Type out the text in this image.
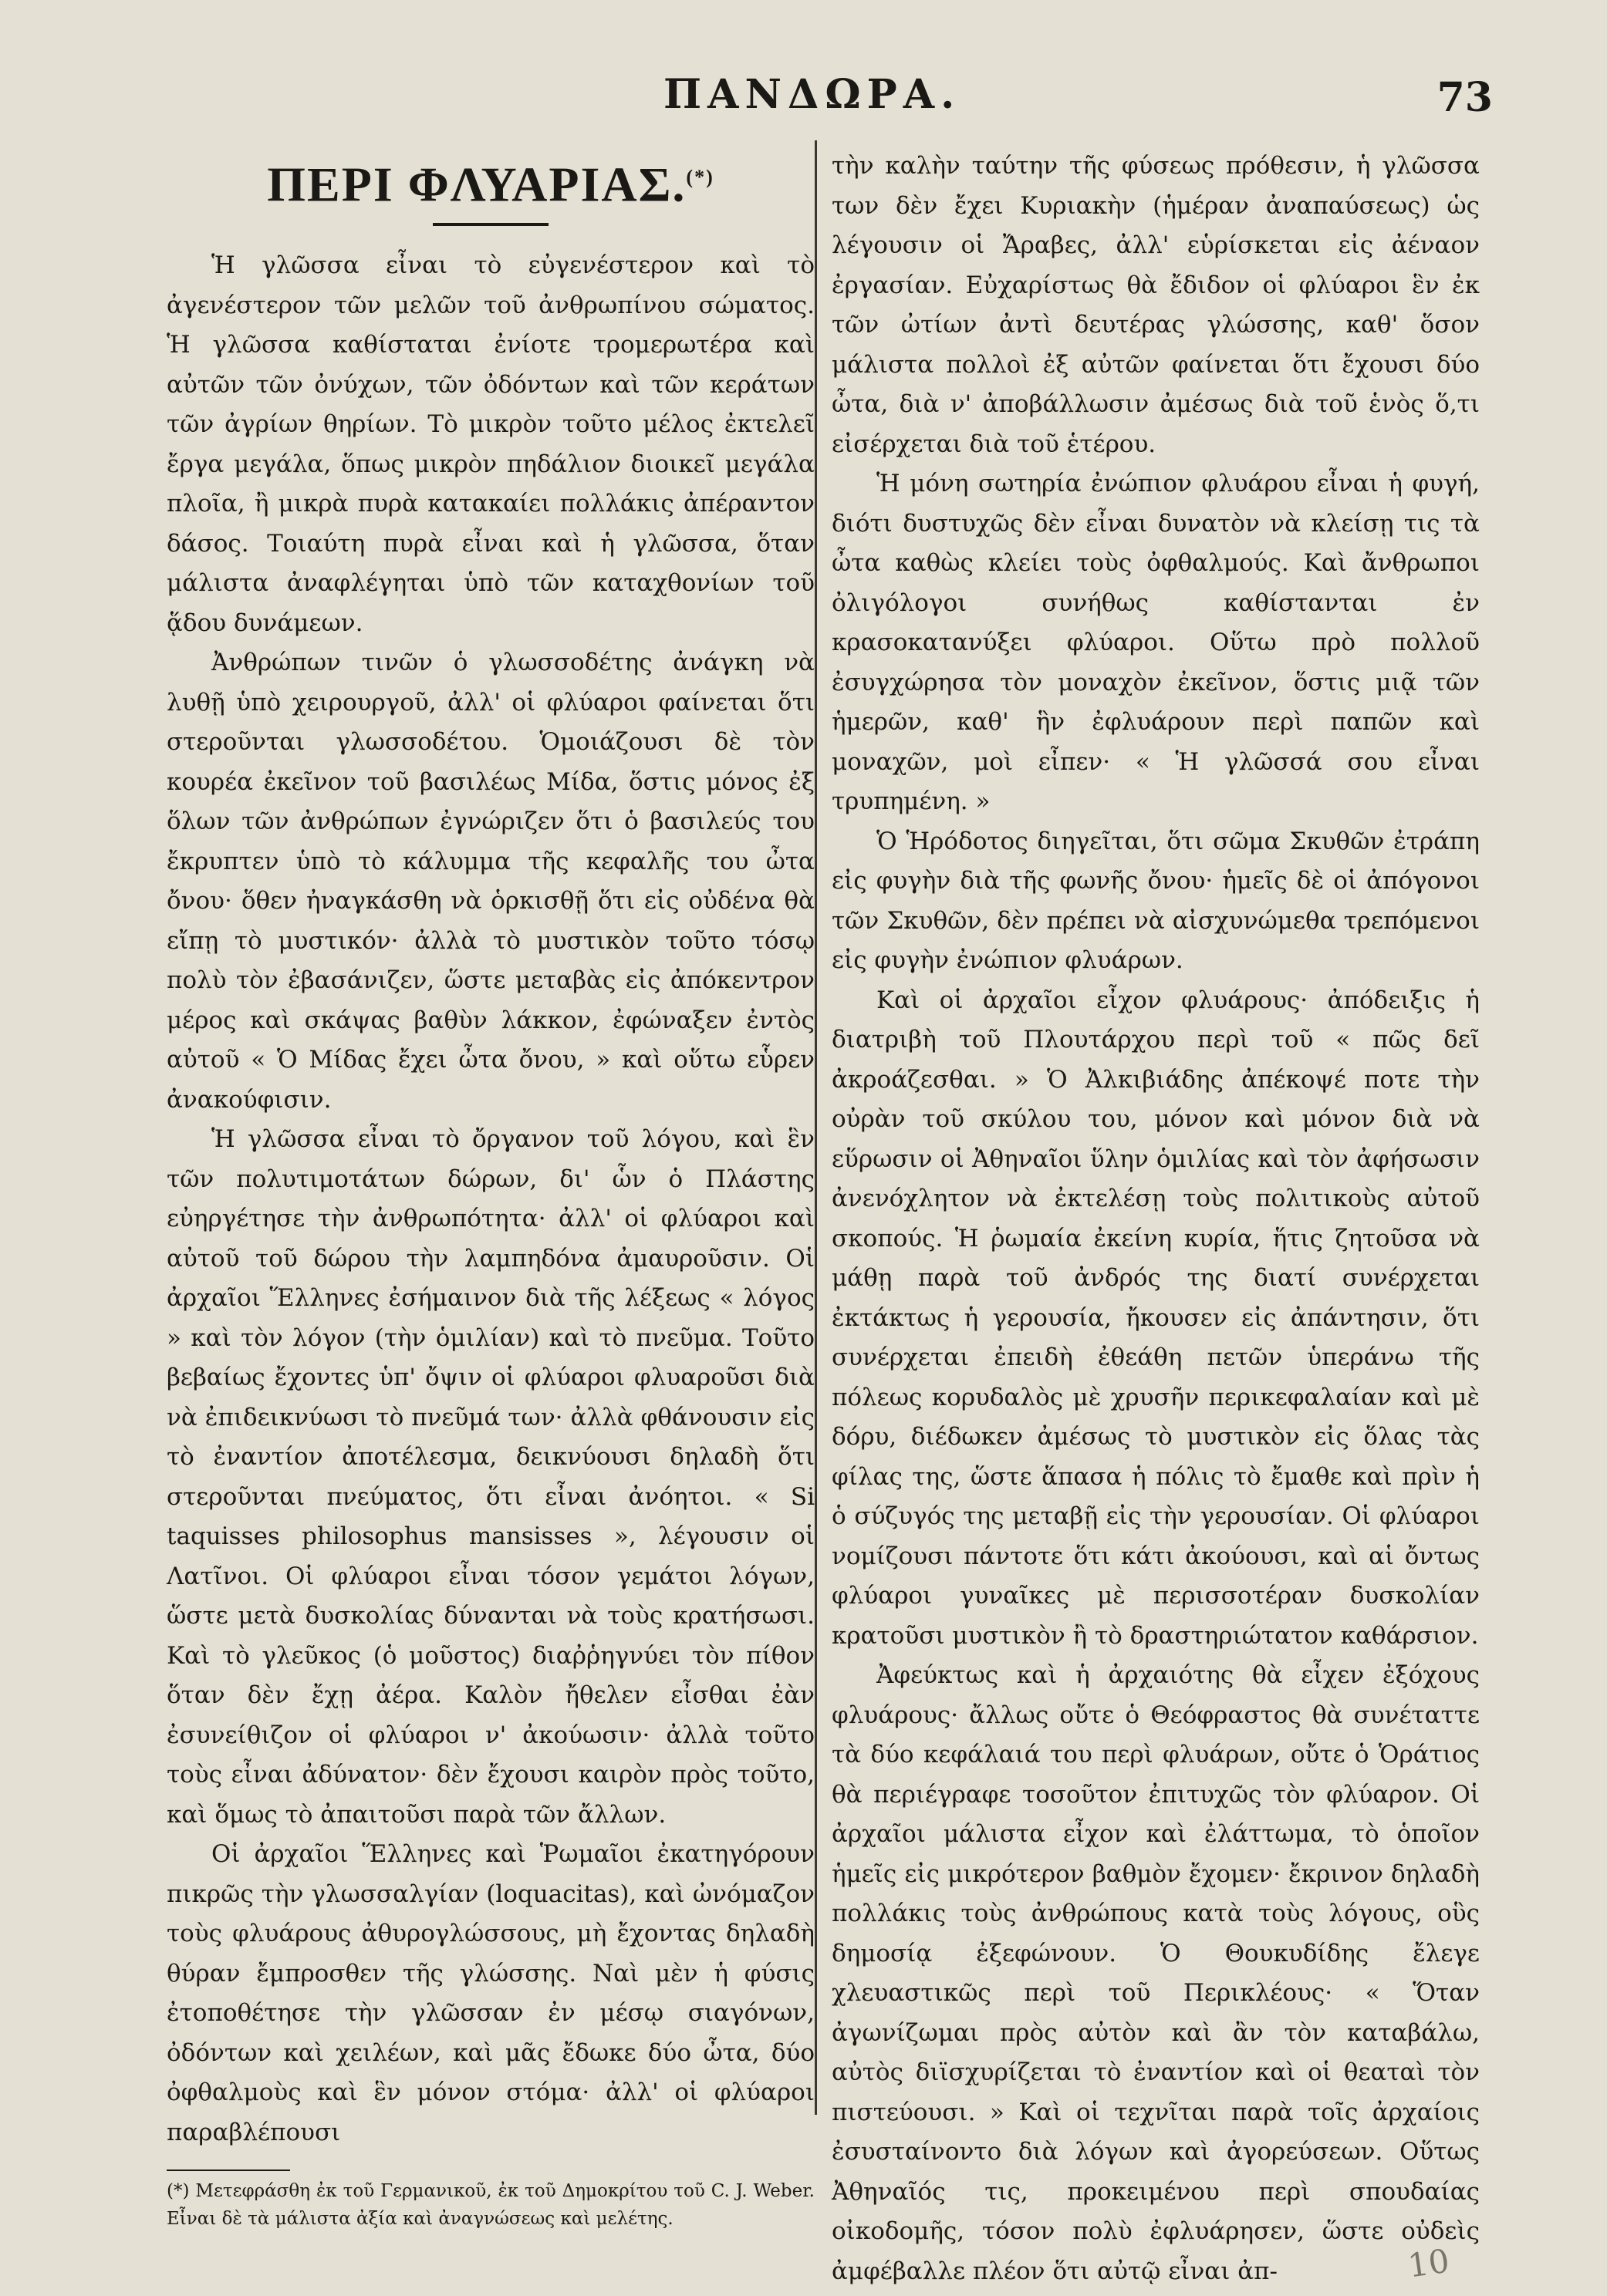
ΠΑΝΔΩΡΑ.	73
ΠΕΡΙ ΦΛΥΑΡΙΑΣ.(*)

Ἡ γλῶσσα εἶναι τὸ εὐγενέστερον καὶ τὸ ἀγενέστερον τῶν μελῶν τοῦ ἀνθρωπίνου σώματος. Ἡ γλῶσσα καθίσταται ἐνίοτε τρομερωτέρα καὶ αὐτῶν τῶν ὀνύχων, τῶν ὀδόντων καὶ τῶν κεράτων τῶν ἀγρίων θηρίων. Τὸ μικρὸν τοῦτο μέλος ἐκτελεῖ ἔργα μεγάλα, ὅπως μικρὸν πηδάλιον διοικεῖ μεγάλα πλοῖα, ἢ μικρὰ πυρὰ κατακαίει πολλάκις ἀπέραντον δάσος. Τοιαύτη πυρὰ εἶναι καὶ ἡ γλῶσσα, ὅταν μάλιστα ἀναφλέγηται ὑπὸ τῶν καταχθονίων τοῦ ᾅδου δυνάμεων.

Ἀνθρώπων τινῶν ὁ γλωσσοδέτης ἀνάγκη νὰ λυθῇ ὑπὸ χειρουργοῦ, ἀλλ' οἱ φλύαροι φαίνεται ὅτι στεροῦνται γλωσσοδέτου. Ὁμοιάζουσι δὲ τὸν κουρέα ἐκεῖνον τοῦ βασιλέως Μίδα, ὅστις μόνος ἐξ ὅλων τῶν ἀνθρώπων ἐγνώριζεν ὅτι ὁ βασιλεύς του ἔκρυπτεν ὑπὸ τὸ κάλυμμα τῆς κεφαλῆς του ὦτα ὄνου· ὅθεν ἠναγκάσθη νὰ ὁρκισθῇ ὅτι εἰς οὐδένα θὰ εἴπῃ τὸ μυστικόν· ἀλλὰ τὸ μυστικὸν τοῦτο τόσῳ πολὺ τὸν ἐβασάνιζεν, ὥστε μεταβὰς εἰς ἀπόκεντρον μέρος καὶ σκάψας βαθὺν λάκκον, ἐφώναξεν ἐντὸς αὐτοῦ « Ὁ Μίδας ἔχει ὦτα ὄνου, » καὶ οὕτω εὗρεν ἀνακούφισιν.

Ἡ γλῶσσα εἶναι τὸ ὄργανον τοῦ λόγου, καὶ ἓν τῶν πολυτιμοτάτων δώρων, δι' ὧν ὁ Πλάστης εὐηργέτησε τὴν ἀνθρωπότητα· ἀλλ' οἱ φλύαροι καὶ αὐτοῦ τοῦ δώρου τὴν λαμπηδόνα ἀμαυροῦσιν. Οἱ ἀρχαῖοι Ἕλληνες ἐσήμαινον διὰ τῆς λέξεως « λόγος » καὶ τὸν λόγον (τὴν ὁμιλίαν) καὶ τὸ πνεῦμα. Τοῦτο βεβαίως ἔχοντες ὑπ' ὄψιν οἱ φλύαροι φλυαροῦσι διὰ νὰ ἐπιδεικνύωσι τὸ πνεῦμά των· ἀλλὰ φθάνουσιν εἰς τὸ ἐναντίον ἀποτέλεσμα, δεικνύουσι δηλαδὴ ὅτι στεροῦνται πνεύματος, ὅτι εἶναι ἀνόητοι. « Si taquisses philosophus mansisses », λέγουσιν οἱ Λατῖνοι. Οἱ φλύαροι εἶναι τόσον γεμάτοι λόγων, ὥστε μετὰ δυσκολίας δύνανται νὰ τοὺς κρατήσωσι. Καὶ τὸ γλεῦκος (ὁ μοῦστος) διαῤῥηγνύει τὸν πίθον ὅταν δὲν ἔχῃ ἀέρα. Καλὸν ἤθελεν εἶσθαι ἐὰν ἐσυνείθιζον οἱ φλύαροι ν' ἀκούωσιν· ἀλλὰ τοῦτο τοὺς εἶναι ἀδύνατον· δὲν ἔχουσι καιρὸν πρὸς τοῦτο, καὶ ὅμως τὸ ἀπαιτοῦσι παρὰ τῶν ἄλλων.

Οἱ ἀρχαῖοι Ἕλληνες καὶ Ῥωμαῖοι ἐκατηγόρουν πικρῶς τὴν γλωσσαλγίαν (loquacitas), καὶ ὠνόμαζον τοὺς φλυάρους ἀθυρογλώσσους, μὴ ἔχοντας δηλαδὴ θύραν ἔμπροσθεν τῆς γλώσσης. Ναὶ μὲν ἡ φύσις ἐτοποθέτησε τὴν γλῶσσαν ἐν μέσῳ σιαγόνων, ὀδόντων καὶ χειλέων, καὶ μᾶς ἔδωκε δύο ὦτα, δύο ὀφθαλμοὺς καὶ ἓν μόνον στόμα· ἀλλ' οἱ φλύαροι παραβλέπουσι

(*) Μετεφράσθη ἐκ τοῦ Γερμανικοῦ, ἐκ τοῦ Δημοκρίτου τοῦ C. J. Weber. Εἶναι δὲ τὰ μάλιστα ἀξία καὶ ἀναγνώσεως καὶ μελέτης.

τὴν καλὴν ταύτην τῆς φύσεως πρόθεσιν, ἡ γλῶσσα των δὲν ἔχει Κυριακὴν (ἡμέραν ἀναπαύσεως) ὡς λέγουσιν οἱ Ἄραβες, ἀλλ' εὑρίσκεται εἰς ἀέναον ἐργασίαν. Εὐχαρίστως θὰ ἔδιδον οἱ φλύαροι ἓν ἐκ τῶν ὠτίων ἀντὶ δευτέρας γλώσσης, καθ' ὅσον μάλιστα πολλοὶ ἐξ αὐτῶν φαίνεται ὅτι ἔχουσι δύο ὦτα, διὰ ν' ἀποβάλλωσιν ἀμέσως διὰ τοῦ ἑνὸς ὅ,τι εἰσέρχεται διὰ τοῦ ἑτέρου.

Ἡ μόνη σωτηρία ἐνώπιον φλυάρου εἶναι ἡ φυγή, διότι δυστυχῶς δὲν εἶναι δυνατὸν νὰ κλείσῃ τις τὰ ὦτα καθὼς κλείει τοὺς ὀφθαλμούς. Καὶ ἄνθρωποι ὀλιγόλογοι συνήθως καθίστανται ἐν κρασοκατανύξει φλύαροι. Οὕτω πρὸ πολλοῦ ἐσυγχώρησα τὸν μοναχὸν ἐκεῖνον, ὅστις μιᾷ τῶν ἡμερῶν, καθ' ἣν ἐφλυάρουν περὶ παπῶν καὶ μοναχῶν, μοὶ εἶπεν· « Ἡ γλῶσσά σου εἶναι τρυπημένη. »

Ὁ Ἡρόδοτος διηγεῖται, ὅτι σῶμα Σκυθῶν ἐτράπη εἰς φυγὴν διὰ τῆς φωνῆς ὄνου· ἡμεῖς δὲ οἱ ἀπόγονοι τῶν Σκυθῶν, δὲν πρέπει νὰ αἰσχυνώμεθα τρεπόμενοι εἰς φυγὴν ἐνώπιον φλυάρων.

Καὶ οἱ ἀρχαῖοι εἶχον φλυάρους· ἀπόδειξις ἡ διατριβὴ τοῦ Πλουτάρχου περὶ τοῦ « πῶς δεῖ ἀκροάζεσθαι. » Ὁ Ἀλκιβιάδης ἀπέκοψέ ποτε τὴν οὐρὰν τοῦ σκύλου του, μόνον καὶ μόνον διὰ νὰ εὕρωσιν οἱ Ἀθηναῖοι ὕλην ὁμιλίας καὶ τὸν ἀφήσωσιν ἀνενόχλητον νὰ ἐκτελέσῃ τοὺς πολιτικοὺς αὐτοῦ σκοπούς. Ἡ ῥωμαία ἐκείνη κυρία, ἥτις ζητοῦσα νὰ μάθῃ παρὰ τοῦ ἀνδρός της διατί συνέρχεται ἐκτάκτως ἡ γερουσία, ἤκουσεν εἰς ἀπάντησιν, ὅτι συνέρχεται ἐπειδὴ ἐθεάθη πετῶν ὑπεράνω τῆς πόλεως κορυδαλὸς μὲ χρυσῆν περικεφαλαίαν καὶ μὲ δόρυ, διέδωκεν ἀμέσως τὸ μυστικὸν εἰς ὅλας τὰς φίλας της, ὥστε ἅπασα ἡ πόλις τὸ ἔμαθε καὶ πρὶν ἡ ὁ σύζυγός της μεταβῇ εἰς τὴν γερουσίαν. Οἱ φλύαροι νομίζουσι πάντοτε ὅτι κάτι ἀκούουσι, καὶ αἱ ὄντως φλύαροι γυναῖκες μὲ περισσοτέραν δυσκολίαν κρατοῦσι μυστικὸν ἢ τὸ δραστηριώτατον καθάρσιον.

Ἀφεύκτως καὶ ἡ ἀρχαιότης θὰ εἶχεν ἐξόχους φλυάρους· ἄλλως οὔτε ὁ Θεόφραστος θὰ συνέταττε τὰ δύο κεφάλαιά του περὶ φλυάρων, οὔτε ὁ Ὁράτιος θὰ περιέγραφε τοσοῦτον ἐπιτυχῶς τὸν φλύαρον. Οἱ ἀρχαῖοι μάλιστα εἶχον καὶ ἐλάττωμα, τὸ ὁποῖον ἡμεῖς εἰς μικρότερον βαθμὸν ἔχομεν· ἔκρινον δηλαδὴ πολλάκις τοὺς ἀνθρώπους κατὰ τοὺς λόγους, οὓς δημοσίᾳ ἐξεφώνουν. Ὁ Θουκυδίδης ἔλεγε χλευαστικῶς περὶ τοῦ Περικλέους· « Ὅταν ἀγωνίζωμαι πρὸς αὐτὸν καὶ ἂν τὸν καταβάλω, αὐτὸς διϊσχυρίζεται τὸ ἐναντίον καὶ οἱ θεαταὶ τὸν πιστεύουσι. » Καὶ οἱ τεχνῖται παρὰ τοῖς ἀρχαίοις ἐσυσταίνοντο διὰ λόγων καὶ ἀγορεύσεων. Οὕτως Ἀθηναῖός τις, προκειμένου περὶ σπουδαίας οἰκοδομῆς, τόσον πολὺ ἐφλυάρησεν, ὥστε οὐδεὶς ἀμφέβαλλε πλέον ὅτι αὐτῷ εἶναι ἀπ-	10
